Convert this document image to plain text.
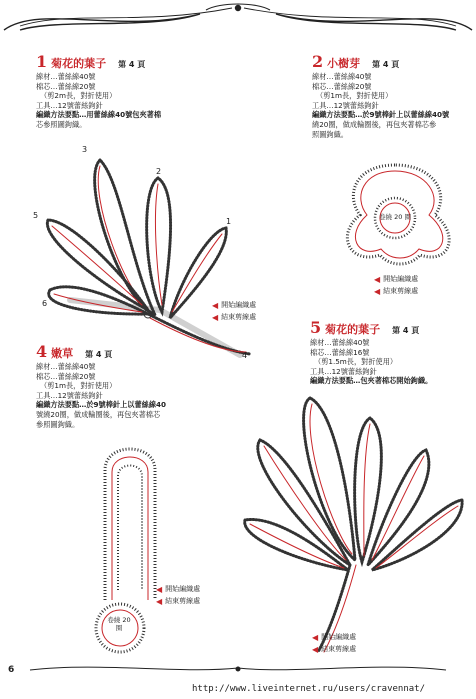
1 菊花的葉子 第 4 頁
線材…蕾絲線40號
棉芯…蕾絲線20號
（剪2m長，對折使用）
工具…12號蕾絲鉤針
編織方法要點…用蕾絲線40號包夾著棉
芯參照圖鉤織。
1
2
3
4
5
6	◀ 開始編織處
◀ 結束剪線處
2 小樹芽 第 4 頁
線材…蕾絲線40號
棉芯…蕾絲線20號
（剪1m長，對折使用）
工具…12號蕾絲鉤針
編織方法要點…於9號棒針上以蕾絲線40號
繞20圈，做成輪圈後，再包夾著棉芯參
照圖鉤織。
卷繞 20 圈
◀ 開始編織處
◀ 結束剪線處
4 嫩草 第 4 頁
線材…蕾絲線40號
棉芯…蕾絲線20號
（剪1m長，對折使用）
工具…12號蕾絲鉤針
編織方法要點…於9號棒針上以蕾絲線40
號繞20圈，做成輪圈後，再包夾著棉芯
參照圖鉤織。
卷繞 20 圈
◀ 開始編織處
◀ 結束剪線處
5 菊花的葉子 第 4 頁
線材…蕾絲線40號
棉芯…蕾絲線16號
（剪1.5m長，對折使用）
工具…12號蕾絲鉤針
編織方法要點…包夾著棉芯開始鉤織。
◀ 開始編織處
◀ 結束剪線處
6
http://www.liveinternet.ru/users/cravennat/
